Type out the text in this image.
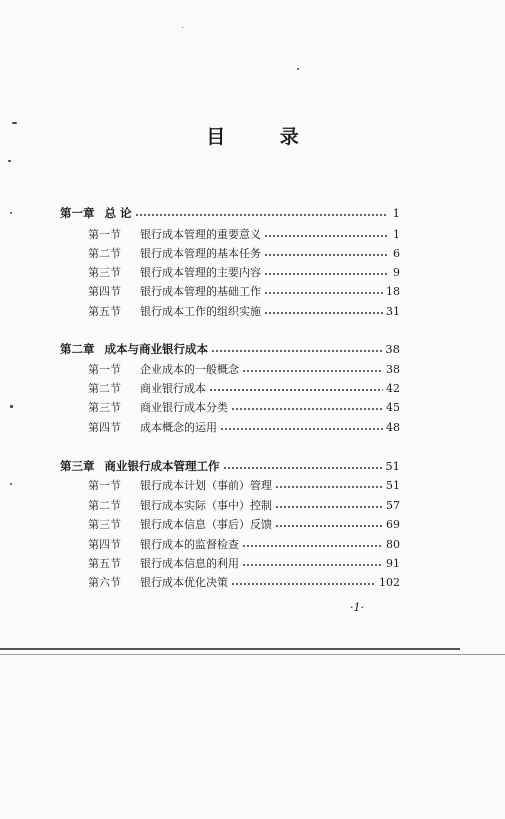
目 录
第一章 总 论	1
第一节	银行成本管理的重要意义	1
第二节	银行成本管理的基本任务	6
第三节	银行成本管理的主要内容	9
第四节	银行成本管理的基础工作	18
第五节	银行成本工作的组织实施	31
第二章 成本与商业银行成本	38
第一节	企业成本的一般概念	38
第二节	商业银行成本	42
第三节	商业银行成本分类	45
第四节	成本概念的运用	48
第三章 商业银行成本管理工作	51
第一节	银行成本计划（事前）管理	51
第二节	银行成本实际（事中）控制	57
第三节	银行成本信息（事后）反馈	69
第四节	银行成本的监督检查	80
第五节	银行成本信息的利用	91
第六节	银行成本优化决策	102
·1·
